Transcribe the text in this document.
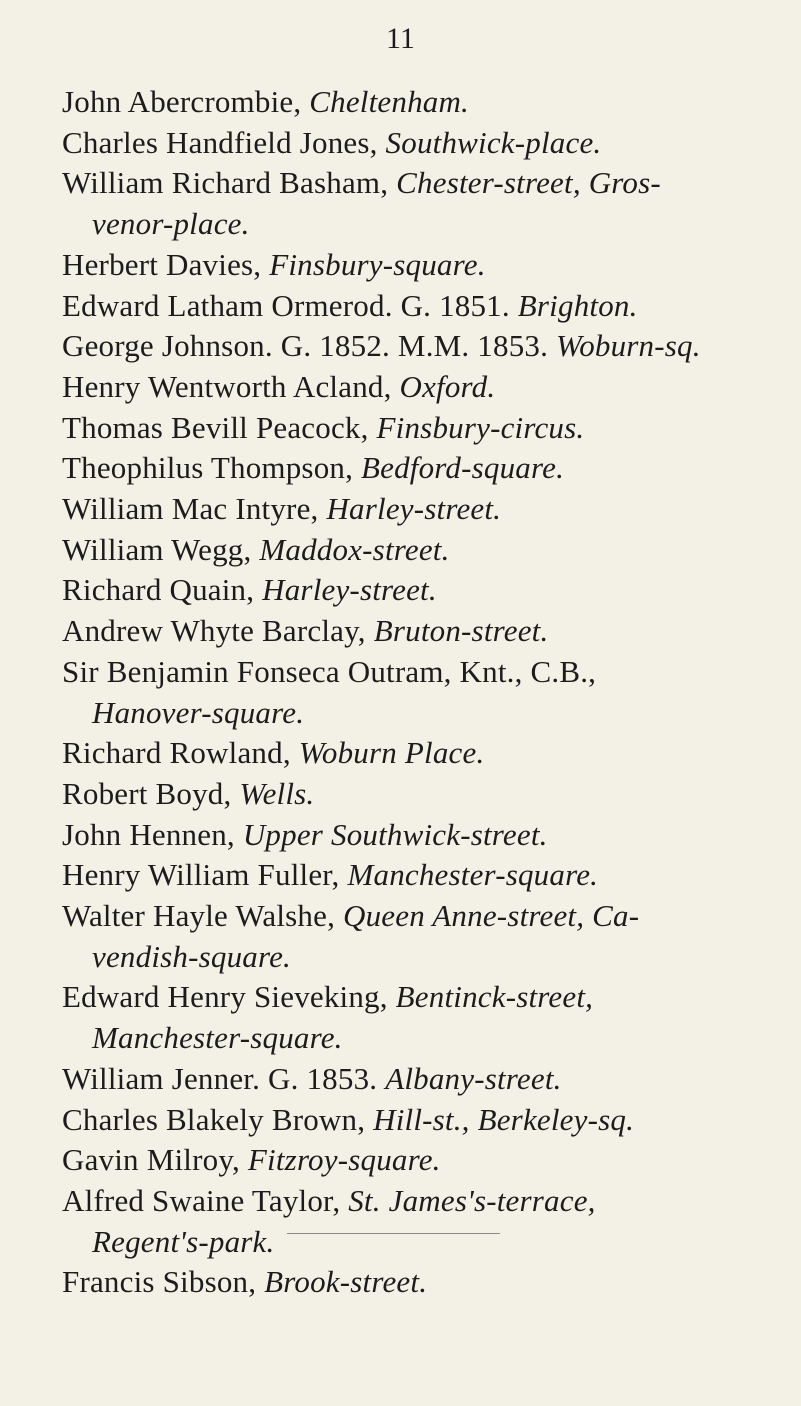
11
John Abercrombie, Cheltenham.
Charles Handfield Jones, Southwick-place.
William Richard Basham, Chester-street, Gros-
venor-place.
Herbert Davies, Finsbury-square.
Edward Latham Ormerod. G. 1851. Brighton.
George Johnson. G. 1852. M.M. 1853. Woburn-sq.
Henry Wentworth Acland, Oxford.
Thomas Bevill Peacock, Finsbury-circus.
Theophilus Thompson, Bedford-square.
William Mac Intyre, Harley-street.
William Wegg, Maddox-street.
Richard Quain, Harley-street.
Andrew Whyte Barclay, Bruton-street.
Sir Benjamin Fonseca Outram, Knt., C.B.,
Hanover-square.
Richard Rowland, Woburn Place.
Robert Boyd, Wells.
John Hennen, Upper Southwick-street.
Henry William Fuller, Manchester-square.
Walter Hayle Walshe, Queen Anne-street, Ca-
vendish-square.
Edward Henry Sieveking, Bentinck-street,
Manchester-square.
William Jenner. G. 1853. Albany-street.
Charles Blakely Brown, Hill-st., Berkeley-sq.
Gavin Milroy, Fitzroy-square.
Alfred Swaine Taylor, St. James's-terrace,
Regent's-park.
Francis Sibson, Brook-street.
